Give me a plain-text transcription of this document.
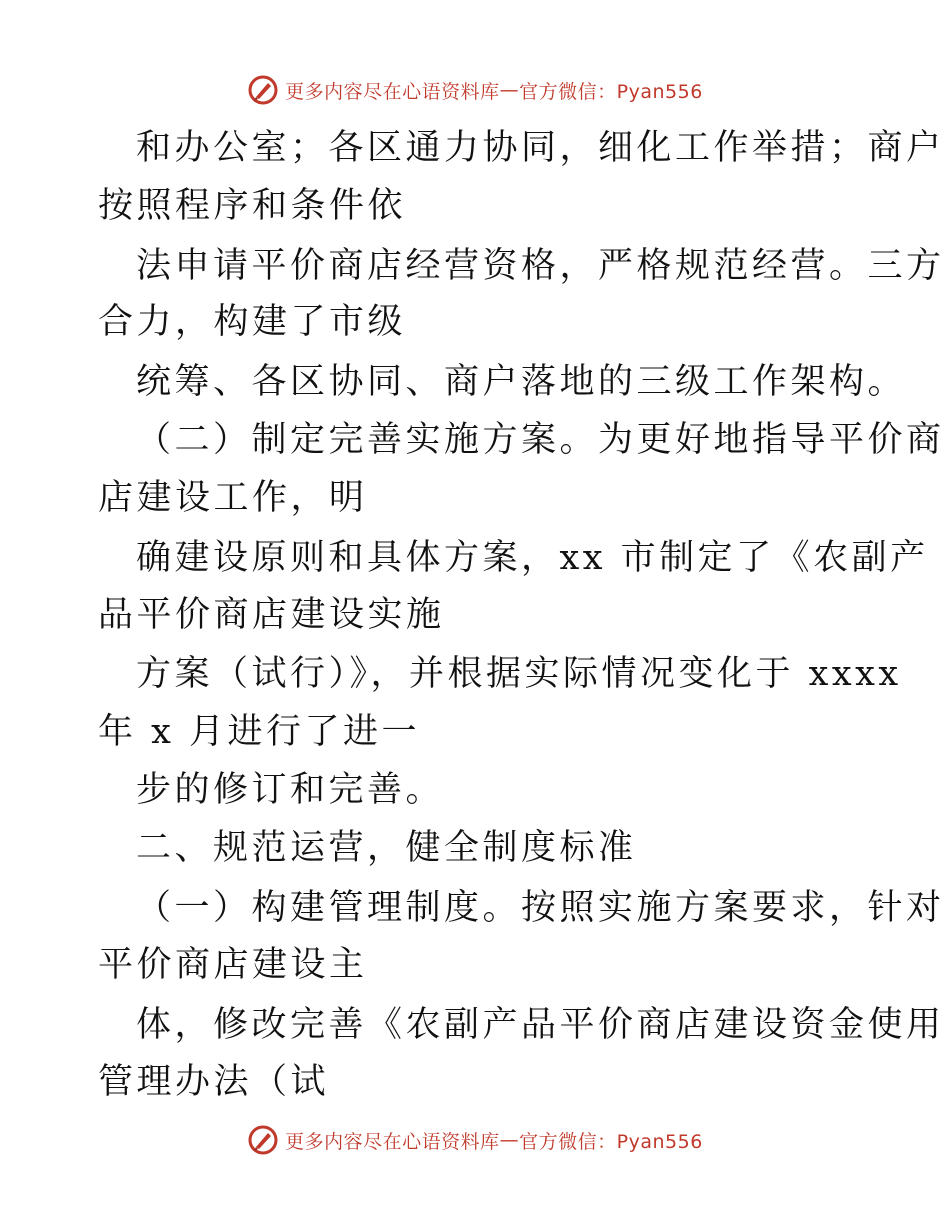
更多内容尽在心语资料库 — 官方微信：Pyan556
和办公室；各区通力协同，细化工作举措；商户
按照程序和条件依
法申请平价商店经营资格，严格规范经营。三方
合力，构建了市级
统筹、各区协同、商户落地的三级工作架构。
（二）制定完善实施方案。为更好地指导平价商
店建设工作，明
确建设原则和具体方案，xx 市制定了《农副产
品平价商店建设实施
方案（试行）》，并根据实际情况变化于 xxxx
年 x 月进行了进一
步的修订和完善。
二、规范运营，健全制度标准
（一）构建管理制度。按照实施方案要求，针对
平价商店建设主
体，修改完善《农副产品平价商店建设资金使用
管理办法（试
更多内容尽在心语资料库 — 官方微信：Pyan556
